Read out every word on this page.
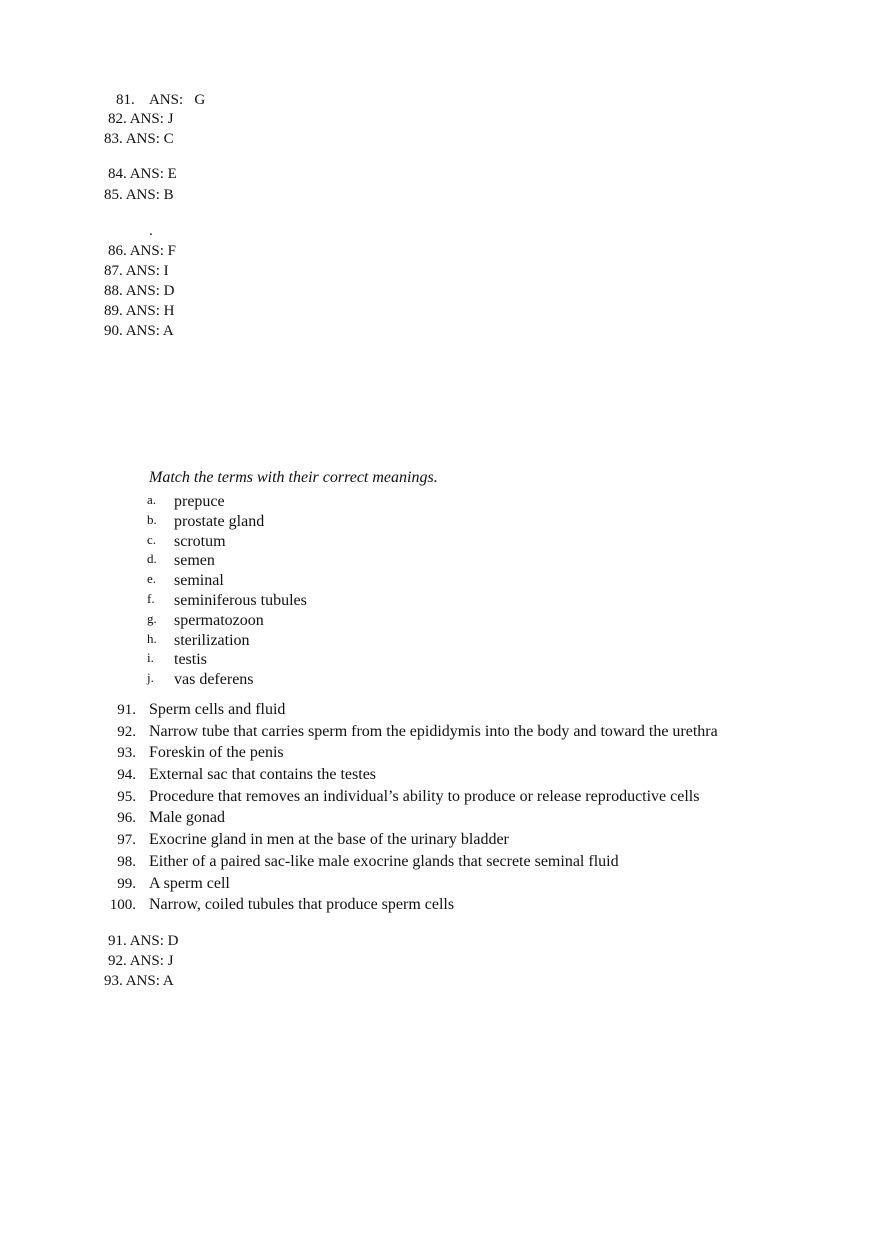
81. ANS: G
82. ANS: J
83. ANS: C
84. ANS: E
85. ANS: B
.
86. ANS: F
87. ANS: I
88. ANS: D
89. ANS: H
90. ANS: A
Match the terms with their correct meanings.
a. prepuce
b. prostate gland
c. scrotum
d. semen
e. seminal
f. seminiferous tubules
g. spermatozoon
h. sterilization
i. testis
j. vas deferens
91. Sperm cells and fluid
92. Narrow tube that carries sperm from the epididymis into the body and toward the urethra
93. Foreskin of the penis
94. External sac that contains the testes
95. Procedure that removes an individual’s ability to produce or release reproductive cells
96. Male gonad
97. Exocrine gland in men at the base of the urinary bladder
98. Either of a paired sac-like male exocrine glands that secrete seminal fluid
99. A sperm cell
100. Narrow, coiled tubules that produce sperm cells
91. ANS: D
92. ANS: J
93. ANS: A
